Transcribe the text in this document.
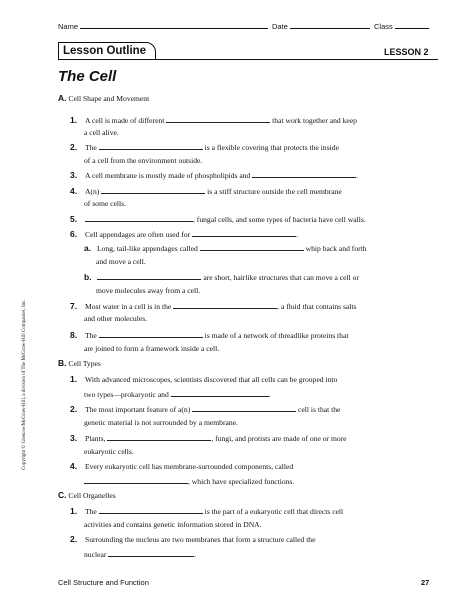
Name	Date	Class
Lesson Outline	LESSON 2
The Cell
A. Cell Shape and Movement
1. A cell is made of different	that work together and keep
a cell alive.
2. The	is a flexible covering that protects the inside
of a cell from the environment outside.
3. A cell membrane is mostly made of phospholipids and	.
4. A(n)	is a stiff structure outside the cell membrane
of some cells.
5.	, fungal cells, and some types of bacteria have cell walls.
6. Cell appendages are often used for	.
a. Long, tail-like appendages called	whip back and forth
and move a cell.
b.	are short, hairlike structures that can move a cell or
move molecules away from a cell.
7. Most water in a cell is in the	, a fluid that contains salts
and other molecules.
8. The	is made of a network of threadlike proteins that
are joined to form a framework inside a cell.
B. Cell Types
1. With advanced microscopes, scientists discovered that all cells can be grouped into
two types—prokaryotic and	.
2. The most important feature of a(n)	cell is that the
genetic material is not surrounded by a membrane.
3. Plants,	, fungi, and protists are made of one or more
eukaryotic cells.
4. Every eukaryotic cell has membrane-surrounded components, called
, which have specialized functions.
C. Cell Organelles
1. The	is the part of a eukaryotic cell that directs cell
activities and contains genetic information stored in DNA.
2. Surrounding the nucleus are two membranes that form a structure called the
nuclear	.
Copyright © Glencoe/McGraw-Hill, a division of The McGraw-Hill Companies, Inc.
Cell Structure and Function	27
